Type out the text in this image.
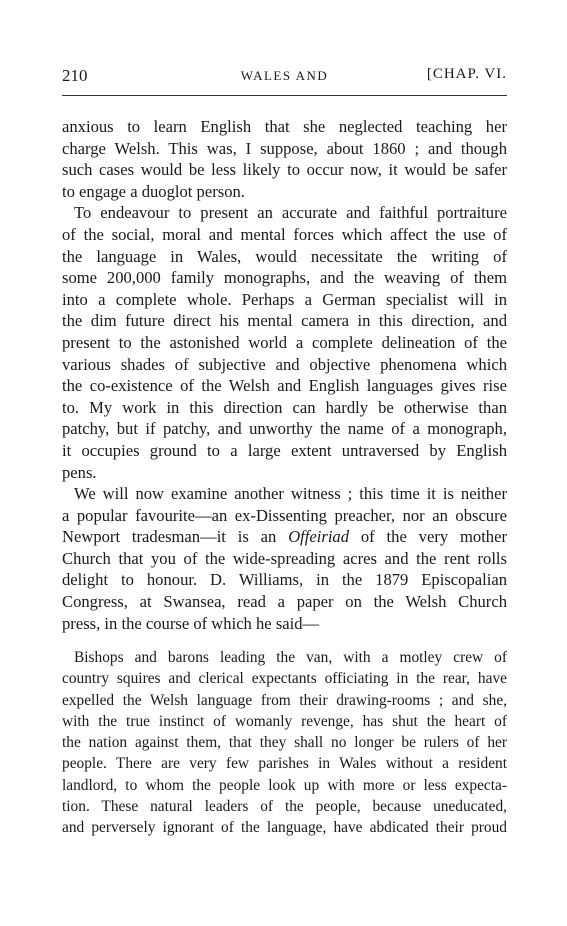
210	WALES AND	[CHAP. VI.
anxious to learn English that she neglected teaching her
charge Welsh. This was, I suppose, about 1860 ; and though
such cases would be less likely to occur now, it would be safer
to engage a duoglot person.
To endeavour to present an accurate and faithful portraiture
of the social, moral and mental forces which affect the use of
the language in Wales, would necessitate the writing of
some 200,000 family monographs, and the weaving of them
into a complete whole. Perhaps a German specialist will in
the dim future direct his mental camera in this direction, and
present to the astonished world a complete delineation of the
various shades of subjective and objective phenomena which
the co-existence of the Welsh and English languages gives rise
to. My work in this direction can hardly be otherwise than
patchy, but if patchy, and unworthy the name of a monograph,
it occupies ground to a large extent untraversed by English
pens.
We will now examine another witness ; this time it is neither
a popular favourite—an ex-Dissenting preacher, nor an obscure
Newport tradesman—it is an Offeiriad of the very mother
Church that you of the wide-spreading acres and the rent rolls
delight to honour. D. Williams, in the 1879 Episcopalian
Congress, at Swansea, read a paper on the Welsh Church
press, in the course of which he said—
Bishops and barons leading the van, with a motley crew of
country squires and clerical expectants officiating in the rear, have
expelled the Welsh language from their drawing-rooms ; and she,
with the true instinct of womanly revenge, has shut the heart of
the nation against them, that they shall no longer be rulers of her
people. There are very few parishes in Wales without a resident
landlord, to whom the people look up with more or less expecta-
tion. These natural leaders of the people, because uneducated,
and perversely ignorant of the language, have abdicated their proud
